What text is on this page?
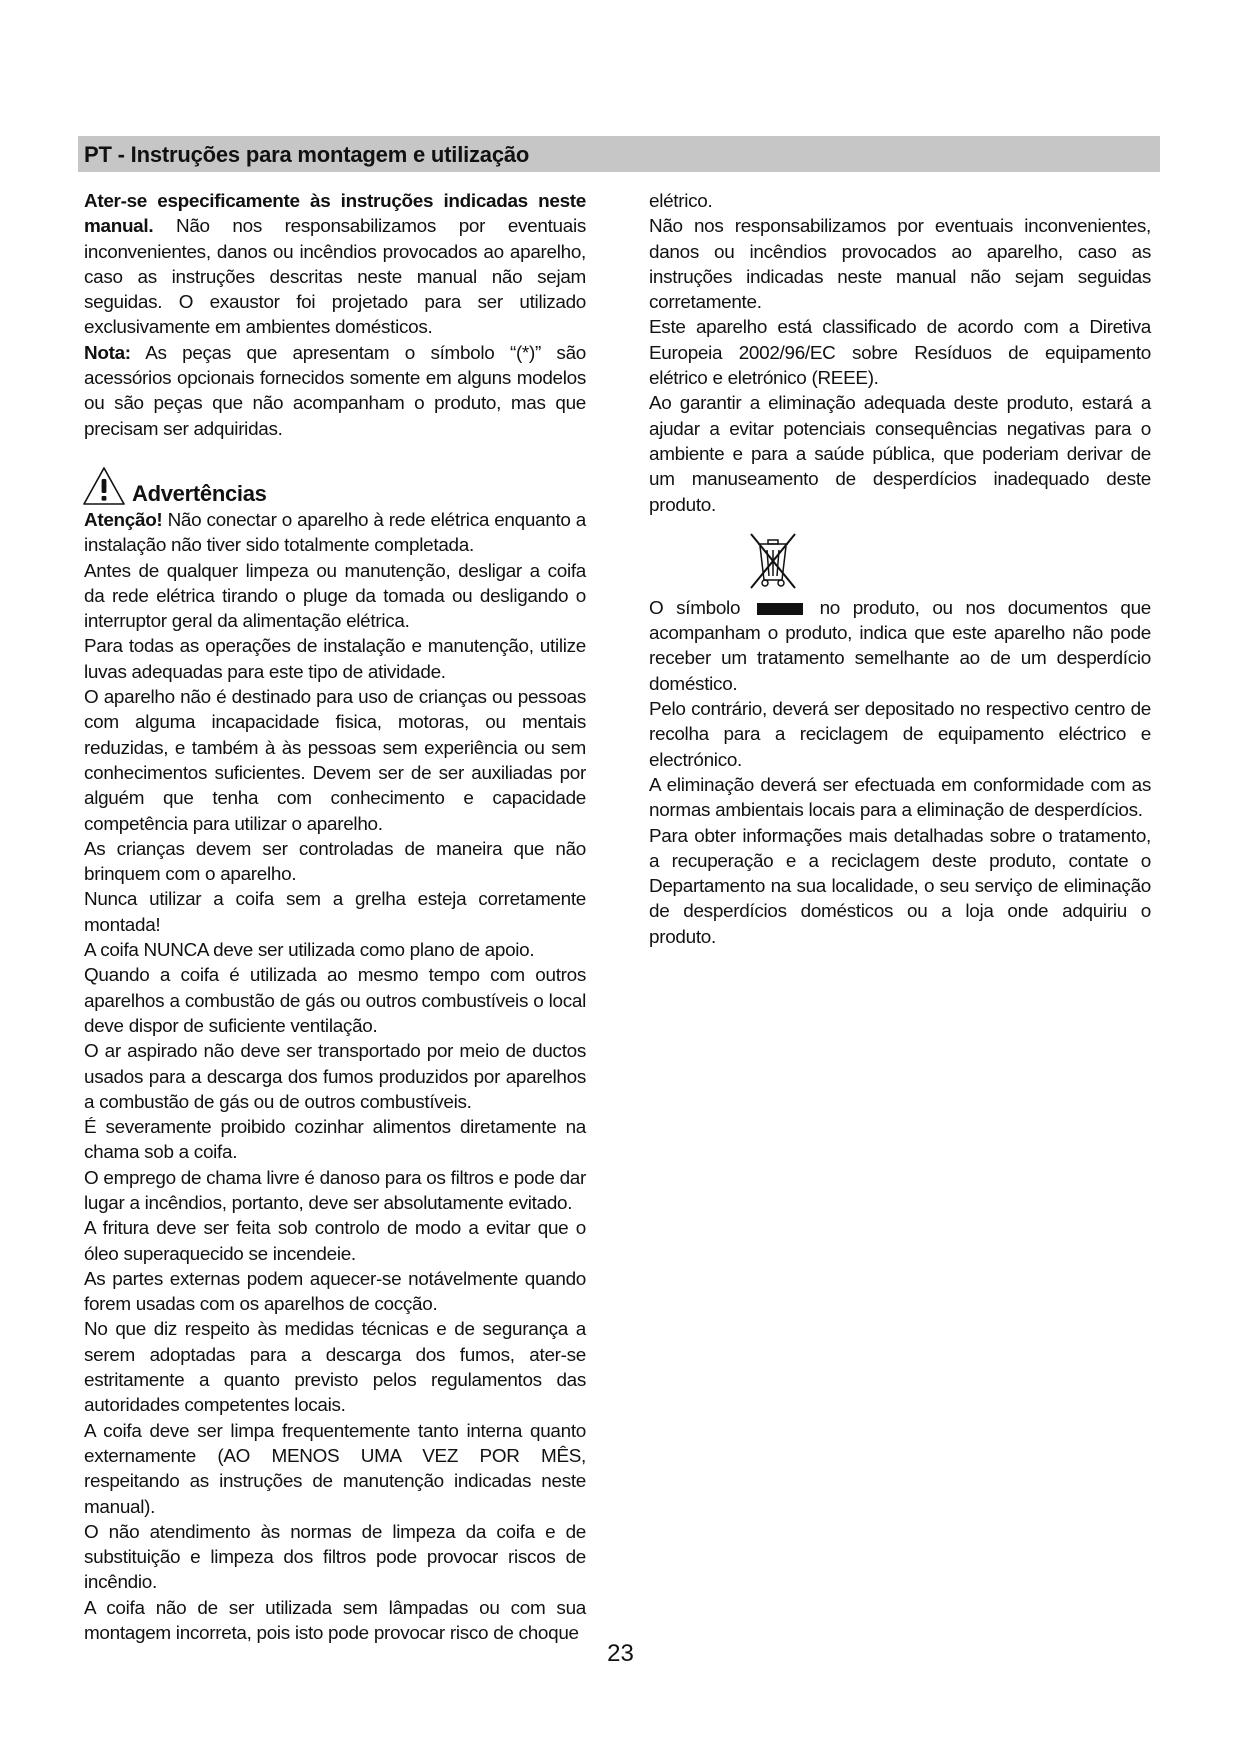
PT - Instruções para montagem e utilização

Ater-se especificamente às instruções indicadas neste manual. Não nos responsabilizamos por eventuais inconvenientes, danos ou incêndios provocados ao aparelho, caso as instruções descritas neste manual não sejam seguidas. O exaustor foi projetado para ser utilizado exclusivamente em ambientes domésticos.

Nota: As peças que apresentam o símbolo “(*)” são acessórios opcionais fornecidos somente em alguns modelos ou são peças que não acompanham o produto, mas que precisam ser adquiridas.

Advertências

Atenção! Não conectar o aparelho à rede elétrica enquanto a instalação não tiver sido totalmente completada.

Antes de qualquer limpeza ou manutenção, desligar a coifa da rede elétrica tirando o pluge da tomada ou desligando o interruptor geral da alimentação elétrica.

Para todas as operações de instalação e manutenção, utilize luvas adequadas para este tipo de atividade.

O aparelho não é destinado para uso de crianças ou pessoas com alguma incapacidade fisica, motoras, ou mentais reduzidas, e também à às pessoas sem experiência ou sem conhecimentos suficientes. Devem ser de ser auxiliadas por alguém que tenha com conhecimento e capacidade competência para utilizar o aparelho.

As crianças devem ser controladas de maneira que não brinquem com o aparelho.

Nunca utilizar a coifa sem a grelha esteja corretamente montada!

A coifa NUNCA deve ser utilizada como plano de apoio.

Quando a coifa é utilizada ao mesmo tempo com outros aparelhos a combustão de gás ou outros combustíveis o local deve dispor de suficiente ventilação.

O ar aspirado não deve ser transportado por meio de ductos usados para a descarga dos fumos produzidos por aparelhos a combustão de gás ou de outros combustíveis.

É severamente proibido cozinhar alimentos diretamente na chama sob a coifa.

O emprego de chama livre é danoso para os filtros e pode dar lugar a incêndios, portanto, deve ser absolutamente evitado.

A fritura deve ser feita sob controlo de modo a evitar que o óleo superaquecido se incendeie.

As partes externas podem aquecer-se notávelmente quando forem usadas com os aparelhos de cocção.

No que diz respeito às medidas técnicas e de segurança a serem adoptadas para a descarga dos fumos, ater-se estritamente a quanto previsto pelos regulamentos das autoridades competentes locais.

A coifa deve ser limpa frequentemente tanto interna quanto externamente (AO MENOS UMA VEZ POR MÊS, respeitando as instruções de manutenção indicadas neste manual).

O não atendimento às normas de limpeza da coifa e de substituição e limpeza dos filtros pode provocar riscos de incêndio.

A coifa não de ser utilizada sem lâmpadas ou com sua montagem incorreta, pois isto pode provocar risco de choque

elétrico.

Não nos responsabilizamos por eventuais inconvenientes, danos ou incêndios provocados ao aparelho, caso as instruções indicadas neste manual não sejam seguidas corretamente.

Este aparelho está classificado de acordo com a Diretiva Europeia 2002/96/EC sobre Resíduos de equipamento elétrico e eletrónico (REEE).

Ao garantir a eliminação adequada deste produto, estará a ajudar a evitar potenciais consequências negativas para o ambiente e para a saúde pública, que poderiam derivar de um manuseamento de desperdícios inadequado deste produto.

O símbolo	no produto, ou nos documentos que acompanham o produto, indica que este aparelho não pode receber um tratamento semelhante ao de um desperdício doméstico.

Pelo contrário, deverá ser depositado no respectivo centro de recolha para a reciclagem de equipamento eléctrico e electrónico.

A eliminação deverá ser efectuada em conformidade com as normas ambientais locais para a eliminação de desperdícios.

Para obter informações mais detalhadas sobre o tratamento, a recuperação e a reciclagem deste produto, contate o Departamento na sua localidade, o seu serviço de eliminação de desperdícios domésticos ou a loja onde adquiriu o produto.

23
